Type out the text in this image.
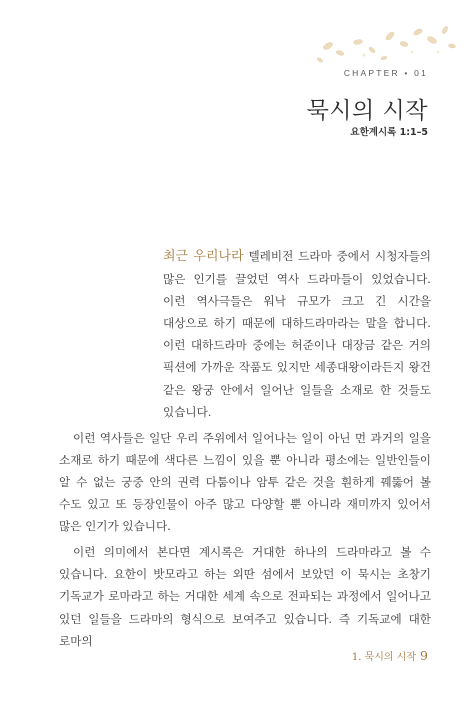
CHAPTER • 01
묵시의 시작
요한계시록 1:1–5

최근 우리나라 텔레비전 드라마 중에서 시청자들의 많은 인기를 끌었던 역사 드라마들이 있었습니다. 이런 역사극들은 워낙 규모가 크고 긴 시간을 대상으로 하기 때문에 대하드라마라는 말을 합니다. 이런 대하드라마 중에는 허준이나 대장금 같은 거의 픽션에 가까운 작품도 있지만 세종대왕이라든지 왕건 같은 왕궁 안에서 일어난 일들을 소재로 한 것들도 있습니다.

이런 역사들은 일단 우리 주위에서 일어나는 일이 아닌 먼 과거의 일을 소재로 하기 때문에 색다른 느낌이 있을 뿐 아니라 평소에는 일반인들이 알 수 없는 궁중 안의 권력 다툼이나 암투 같은 것을 훤하게 꿰뚫어 볼 수도 있고 또 등장인물이 아주 많고 다양할 뿐 아니라 재미까지 있어서 많은 인기가 있습니다.

이런 의미에서 본다면 계시록은 거대한 하나의 드라마라고 볼 수 있습니다. 요한이 밧모라고 하는 외딴 섬에서 보았던 이 묵시는 초창기 기독교가 로마라고 하는 거대한 세계 속으로 전파되는 과정에서 일어나고 있던 일들을 드라마의 형식으로 보여주고 있습니다. 즉 기독교에 대한 로마의

1. 묵시의 시작 9
